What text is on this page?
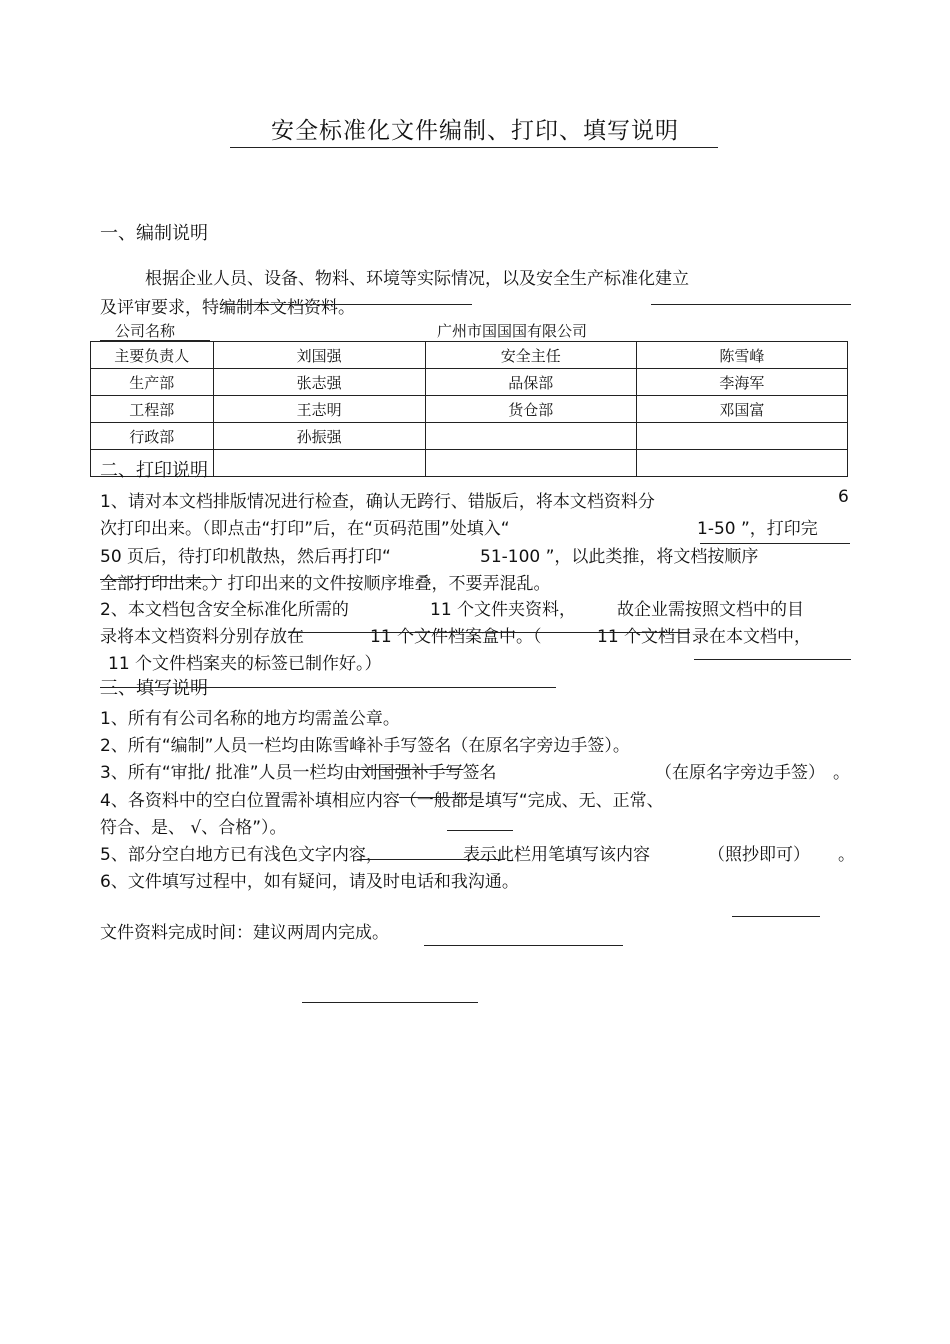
安全标准化文件编制、打印、填写说明
一、编制说明
根据企业人员、设备、物料、环境等实际情况，以及安全生产标准化建立
及评审要求，特编制本文档资料。
公司名称	广州市国国国有限公司
主要负责人	刘国强	安全主任	陈雪峰
生产部	张志强	品保部	李海军
工程部	王志明	货仓部	邓国富
行政部	孙振强		

二、打印说明
1、请对本文档排版情况进行检查，确认无跨行、错版后，将本文档资料分	6
次打印出来。（即点击“打印”后，在“页码范围”处填入“	1-50 ”，打印完
50 页后，待打印机散热，然后再打印“	51-100 ”，以此类推，将文档按顺序
全部打印出来。）打印出来的文件按顺序堆叠，不要弄混乱。
2、本文档包含安全标准化所需的	11 个文件夹资料， 故企业需按照文档中的目
录将本文档资料分别存放在	11 个文件档案盒中。（	11 个文档目录在本文档中，
11 个文件档案夹的标签已制作好。）
三、填写说明
1、所有有公司名称的地方均需盖公章。
2、所有“编制”人员一栏均由陈雪峰补手写签名（在原名字旁边手签）。
3、所有“审批/ 批准”人员一栏均由刘国强补手写签名	（在原名字旁边手签） 。
4、各资料中的空白位置需补填相应内容（一般都是填写“完成、无、正常、
符合、是、 √、合格”）。
5、部分空白地方已有浅色文字内容，	表示此栏用笔填写该内容	（照抄即可） 。
6、文件填写过程中，如有疑问，请及时电话和我沟通。
文件资料完成时间：建议两周内完成。
